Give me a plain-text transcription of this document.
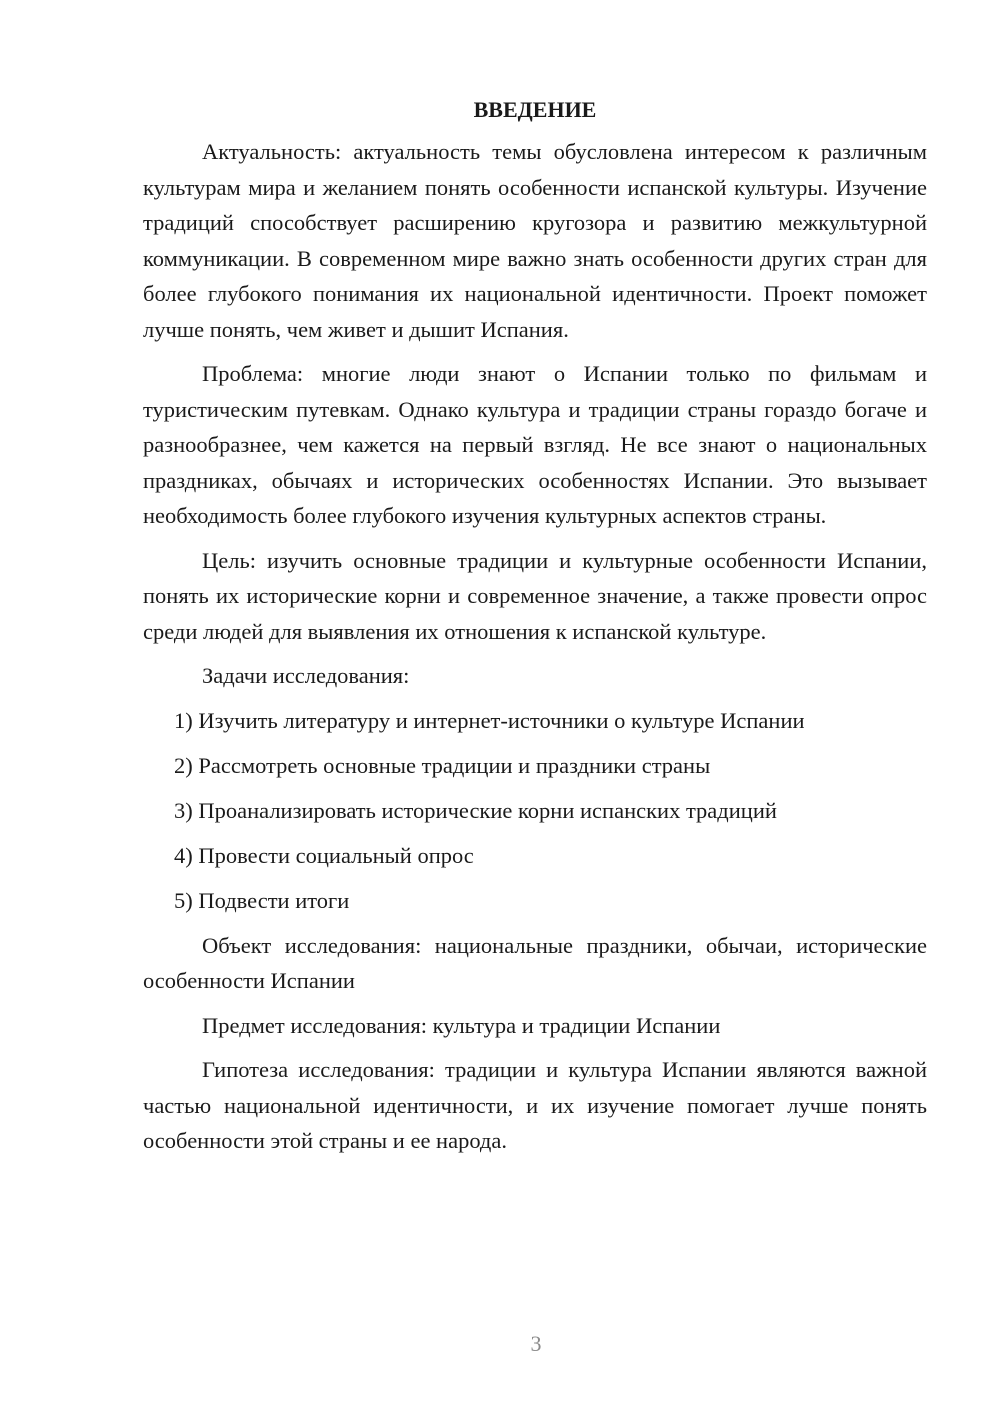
ВВЕДЕНИЕ

Актуальность: актуальность темы обусловлена интересом к различным культурам мира и желанием понять особенности испанской культуры. Изучение традиций способствует расширению кругозора и развитию межкультурной коммуникации. В современном мире важно знать особенности других стран для более глубокого понимания их национальной идентичности. Проект поможет лучше понять, чем живет и дышит Испания.

Проблема: многие люди знают о Испании только по фильмам и туристическим путевкам. Однако культура и традиции страны гораздо богаче и разнообразнее, чем кажется на первый взгляд. Не все знают о национальных праздниках, обычаях и исторических особенностях Испании. Это вызывает необходимость более глубокого изучения культурных аспектов страны.

Цель: изучить основные традиции и культурные особенности Испании, понять их исторические корни и современное значение, а также провести опрос среди людей для выявления их отношения к испанской культуре.

Задачи исследования:

1) Изучить литературу и интернет-источники о культуре Испании
2) Рассмотреть основные традиции и праздники страны
3) Проанализировать исторические корни испанских традиций
4) Провести социальный опрос
5) Подвести итоги

Объект исследования: национальные праздники, обычаи, исторические особенности Испании

Предмет исследования: культура и традиции Испании

Гипотеза исследования: традиции и культура Испании являются важной частью национальной идентичности, и их изучение помогает лучше понять особенности этой страны и ее народа.

3
